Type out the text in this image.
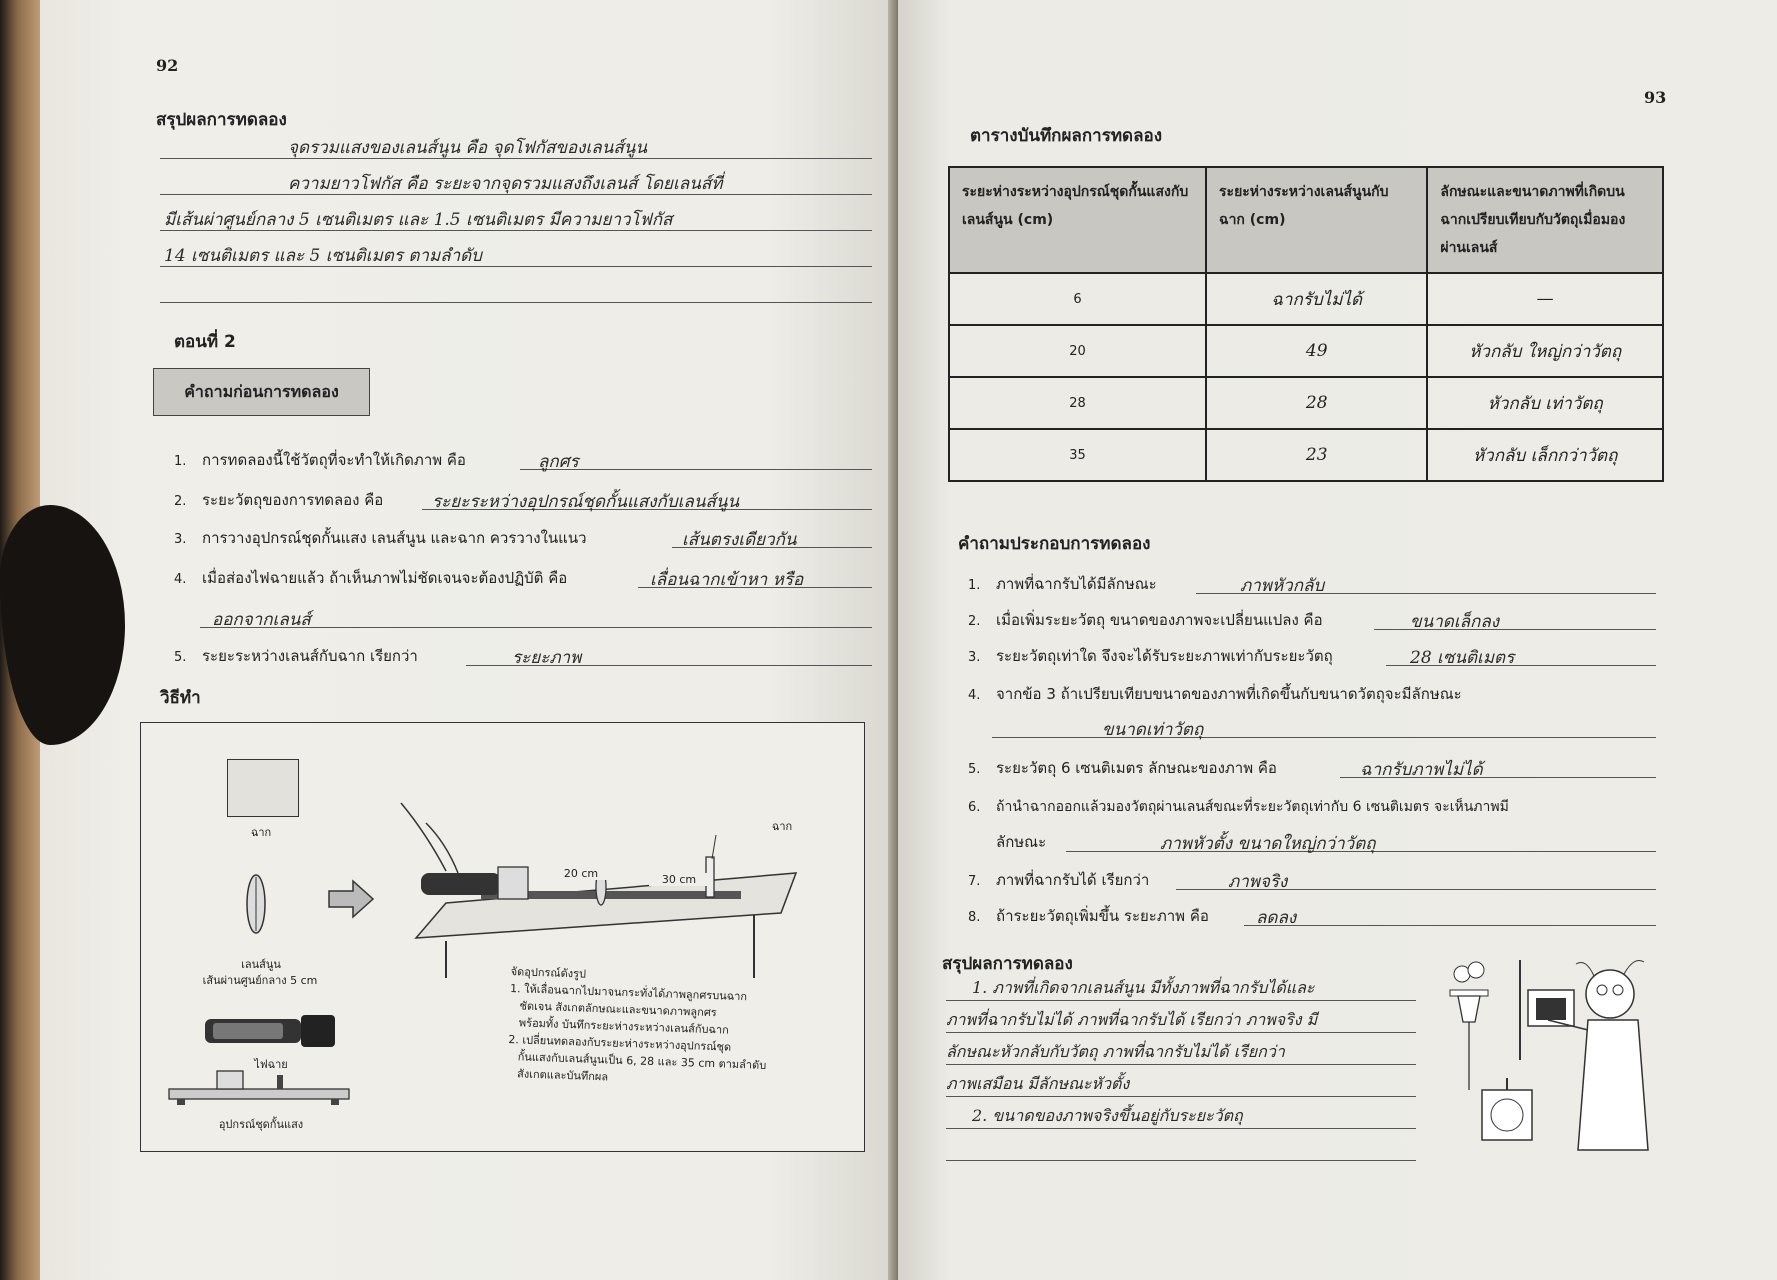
92
สรุปผลการทดลอง
จุดรวมแสงของเลนส์นูน คือ จุดโฟกัสของเลนส์นูน
ความยาวโฟกัส คือ ระยะจากจุดรวมแสงถึงเลนส์ โดยเลนส์ที่
มีเส้นผ่าศูนย์กลาง 5 เซนติเมตร และ 1.5 เซนติเมตร มีความยาวโฟกัส
14 เซนติเมตร และ 5 เซนติเมตร ตามลำดับ
ตอนที่ 2
คำถามก่อนการทดลอง
1. การทดลองนี้ใช้วัตถุที่จะทำให้เกิดภาพ คือ	ลูกศร
2. ระยะวัตถุของการทดลอง คือ	ระยะระหว่างอุปกรณ์ชุดกั้นแสงกับเลนส์นูน
3. การวางอุปกรณ์ชุดกั้นแสง เลนส์นูน และฉาก ควรวางในแนว	เส้นตรงเดียวกัน
4. เมื่อส่องไฟฉายแล้ว ถ้าเห็นภาพไม่ชัดเจนจะต้องปฏิบัติ คือ	เลื่อนฉากเข้าหา หรือ
ออกจากเลนส์
5. ระยะระหว่างเลนส์กับฉาก เรียกว่า	ระยะภาพ
วิธีทำ
ฉาก
เลนส์นูน
เส้นผ่านศูนย์กลาง 5 cm
ไฟฉาย
อุปกรณ์ชุดกั้นแสง
ฉาก
20 cm	30 cm
จัดอุปกรณ์ดังรูป
1. ให้เลื่อนฉากไปมาจนกระทั่งได้ภาพลูกศรบนฉาก
ชัดเจน สังเกตลักษณะและขนาดภาพลูกศร
พร้อมทั้ง บันทึกระยะห่างระหว่างเลนส์กับฉาก
2. เปลี่ยนทดลองกับระยะห่างระหว่างอุปกรณ์ชุด
กั้นแสงกับเลนส์นูนเป็น 6, 28 และ 35 cm ตามลำดับ
สังเกตและบันทึกผล
93
ตารางบันทึกผลการทดลอง
ระยะห่างระหว่างอุปกรณ์ชุดกั้นแสงกับเลนส์นูน (cm)	ระยะห่างระหว่างเลนส์นูนกับฉาก (cm)	ลักษณะและขนาดภาพที่เกิดบนฉากเปรียบเทียบกับวัตถุเมื่อมองผ่านเลนส์
6	ฉากรับไม่ได้	—
20	49	หัวกลับ ใหญ่กว่าวัตถุ
28	28	หัวกลับ เท่าวัตถุ
35	23	หัวกลับ เล็กกว่าวัตถุ
คำถามประกอบการทดลอง
1. ภาพที่ฉากรับได้มีลักษณะ	ภาพหัวกลับ
2. เมื่อเพิ่มระยะวัตถุ ขนาดของภาพจะเปลี่ยนแปลง คือ	ขนาดเล็กลง
3. ระยะวัตถุเท่าใด จึงจะได้รับระยะภาพเท่ากับระยะวัตถุ	28 เซนติเมตร
4. จากข้อ 3 ถ้าเปรียบเทียบขนาดของภาพที่เกิดขึ้นกับขนาดวัตถุจะมีลักษณะ
ขนาดเท่าวัตถุ
5. ระยะวัตถุ 6 เซนติเมตร ลักษณะของภาพ คือ	ฉากรับภาพไม่ได้
6. ถ้านำฉากออกแล้วมองวัตถุผ่านเลนส์ขณะที่ระยะวัตถุเท่ากับ 6 เซนติเมตร จะเห็นภาพมี
ลักษณะ	ภาพหัวตั้ง ขนาดใหญ่กว่าวัตถุ
7. ภาพที่ฉากรับได้ เรียกว่า	ภาพจริง
8. ถ้าระยะวัตถุเพิ่มขึ้น ระยะภาพ คือ	ลดลง
สรุปผลการทดลอง
1. ภาพที่เกิดจากเลนส์นูน มีทั้งภาพที่ฉากรับได้และ
ภาพที่ฉากรับไม่ได้ ภาพที่ฉากรับได้ เรียกว่า ภาพจริง มี
ลักษณะหัวกลับกับวัตถุ ภาพที่ฉากรับไม่ได้ เรียกว่า
ภาพเสมือน มีลักษณะหัวตั้ง
2. ขนาดของภาพจริงขึ้นอยู่กับระยะวัตถุ
